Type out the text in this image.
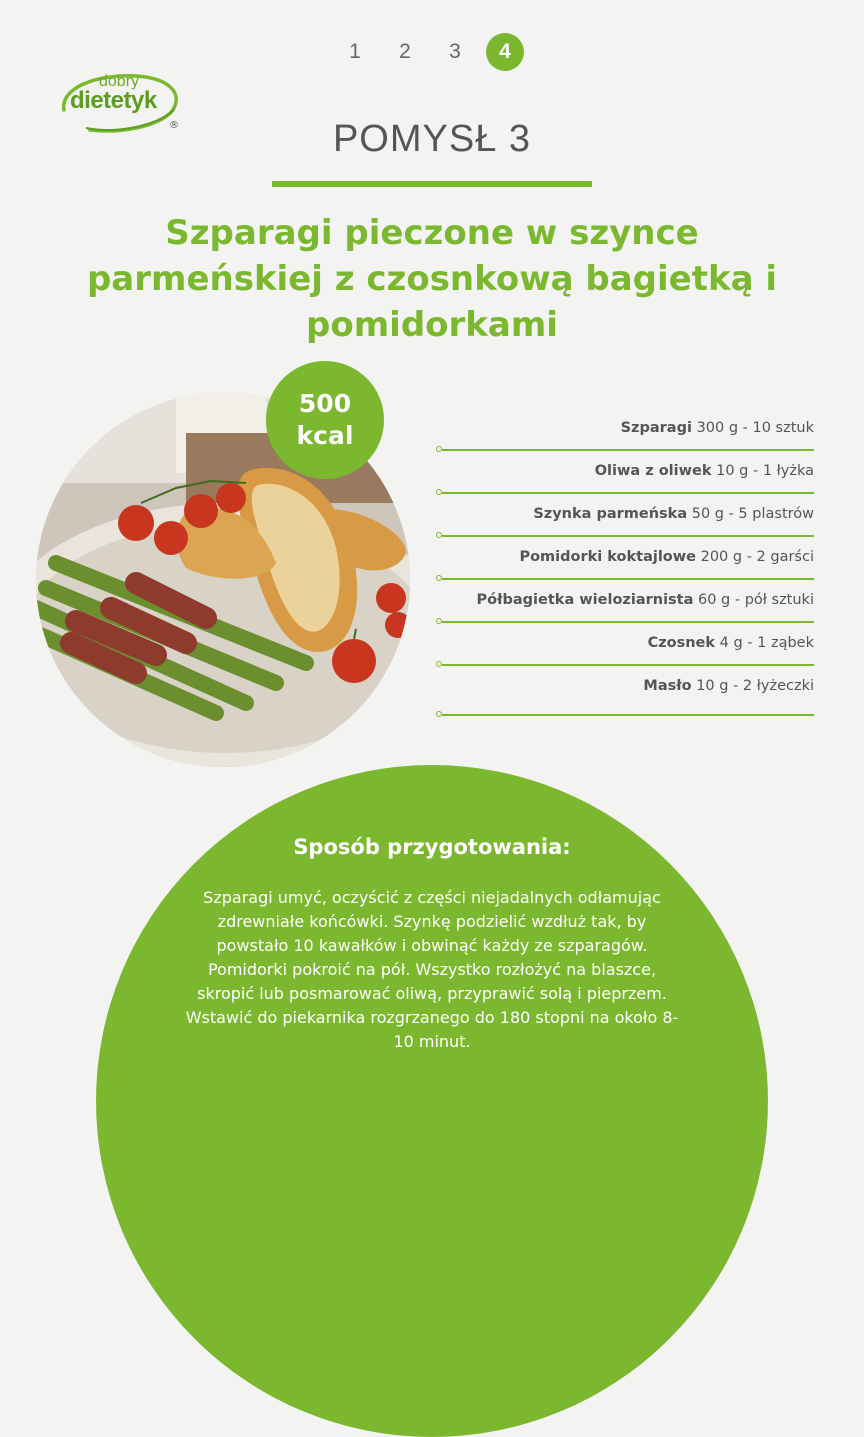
1	2	3	4
dobry
dietetyk
®	POMYSŁ 3
Szparagi pieczone w szynce parmeńskiej z czosnkową bagietką i pomidorkami
500
kcal	Szparagi 300 g - 10 sztuk
Oliwa z oliwek 10 g - 1 łyżka
Szynka parmeńska 50 g - 5 plastrów
Pomidorki koktajlowe 200 g - 2 garści
Półbagietka wieloziarnista 60 g - pół sztuki
Czosnek 4 g - 1 ząbek
Masło 10 g - 2 łyżeczki
Sposób przygotowania:
Szparagi umyć, oczyścić z części niejadalnych odłamując zdrewniałe końcówki. Szynkę podzielić wzdłuż tak, by powstało 10 kawałków i obwinąć każdy ze szparagów. Pomidorki pokroić na pół. Wszystko rozłożyć na blaszce, skropić lub posmarować oliwą, przyprawić solą i pieprzem. Wstawić do piekarnika rozgrzanego do 180 stopni na około 8-10 minut.
